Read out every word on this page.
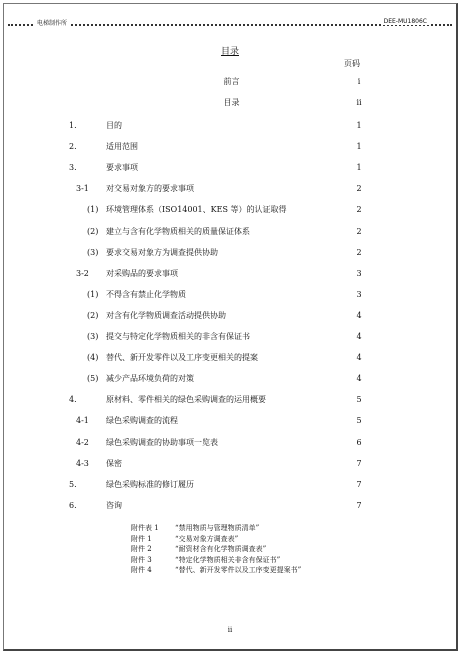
电梯制作所	DEE-MU1806C
目录
页码
前言	i
目录	ii
1.	目的	1
2.	适用范围	1
3.	要求事项	1
3-1 对交易对象方的要求事项	2
(1) 环境管理体系（ISO14001、KES 等）的认证取得	2
(2) 建立与含有化学物质相关的质量保证体系	2
(3) 要求交易对象方为调查提供协助	2
3-2 对采购品的要求事项	3
(1) 不得含有禁止化学物质	3
(2) 对含有化学物质调查活动提供协助	4
(3) 提交与特定化学物质相关的非含有保证书	4
(4) 替代、新开发零件以及工序变更相关的提案	4
(5) 减少产品环境负荷的对策	4
4.	原材料、零件相关的绿色采购调查的运用概要	5
4-1 绿色采购调查的流程	5
4-2 绿色采购调查的协助事项一览表	6
4-3 保密	7
5.	绿色采购标准的修订履历	7
6.	咨询	7
附件表 1 “禁用物质与管理物质清单”
附件 1	“交易对象方调查表”
附件 2	“耐资材含有化学物质调查表”
附件 3	“特定化学物质相关非含有保证书”
附件 4	“替代、新开发零件以及工序变更提案书”
ii
